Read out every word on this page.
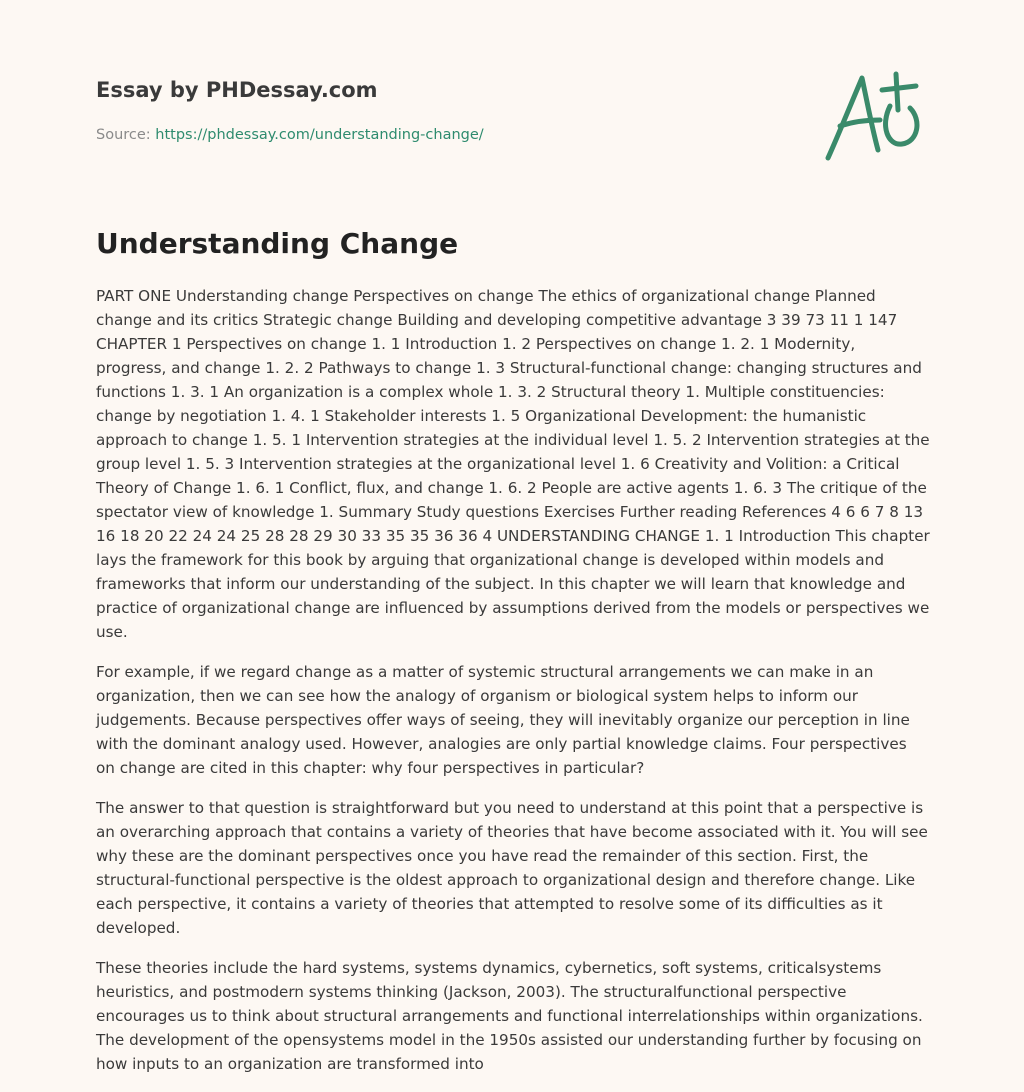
Essay by PHDessay.com
Source: https://phdessay.com/understanding-change/
Understanding Change

PART ONE Understanding change Perspectives on change The ethics of organizational change Planned change and its critics Strategic change Building and developing competitive advantage 3 39 73 11 1 147 CHAPTER 1 Perspectives on change 1. 1 Introduction 1. 2 Perspectives on change 1. 2. 1 Modernity, progress, and change 1. 2. 2 Pathways to change 1. 3 Structural-functional change: changing structures and functions 1. 3. 1 An organization is a complex whole 1. 3. 2 Structural theory 1. Multiple constituencies: change by negotiation 1. 4. 1 Stakeholder interests 1. 5 Organizational Development: the humanistic approach to change 1. 5. 1 Intervention strategies at the individual level 1. 5. 2 Intervention strategies at the group level 1. 5. 3 Intervention strategies at the organizational level 1. 6 Creativity and Volition: a Critical Theory of Change 1. 6. 1 Conflict, flux, and change 1. 6. 2 People are active agents 1. 6. 3 The critique of the spectator view of knowledge 1. Summary Study questions Exercises Further reading References 4 6 6 7 8 13 16 18 20 22 24 24 25 28 28 29 30 33 35 35 36 36 4 UNDERSTANDING CHANGE 1. 1 Introduction This chapter lays the framework for this book by arguing that organizational change is developed within models and frameworks that inform our understanding of the subject. In this chapter we will learn that knowledge and practice of organizational change are influenced by assumptions derived from the models or perspectives we use.

For example, if we regard change as a matter of systemic structural arrangements we can make in an organization, then we can see how the analogy of organism or biological system helps to inform our judgements. Because perspectives offer ways of seeing, they will inevitably organize our perception in line with the dominant analogy used. However, analogies are only partial knowledge claims. Four perspectives on change are cited in this chapter: why four perspectives in particular?

The answer to that question is straightforward but you need to understand at this point that a perspective is an overarching approach that contains a variety of theories that have become associated with it. You will see why these are the dominant perspectives once you have read the remainder of this section. First, the structural-functional perspective is the oldest approach to organizational design and therefore change. Like each perspective, it contains a variety of theories that attempted to resolve some of its difficulties as it developed.

These theories include the hard systems, systems dynamics, cybernetics, soft systems, criticalsystems heuristics, and postmodern systems thinking (Jackson, 2003). The structuralfunctional perspective encourages us to think about structural arrangements and functional interrelationships within organizations. The development of the opensystems model in the 1950s assisted our understanding further by focusing on how inputs to an organization are transformed into
